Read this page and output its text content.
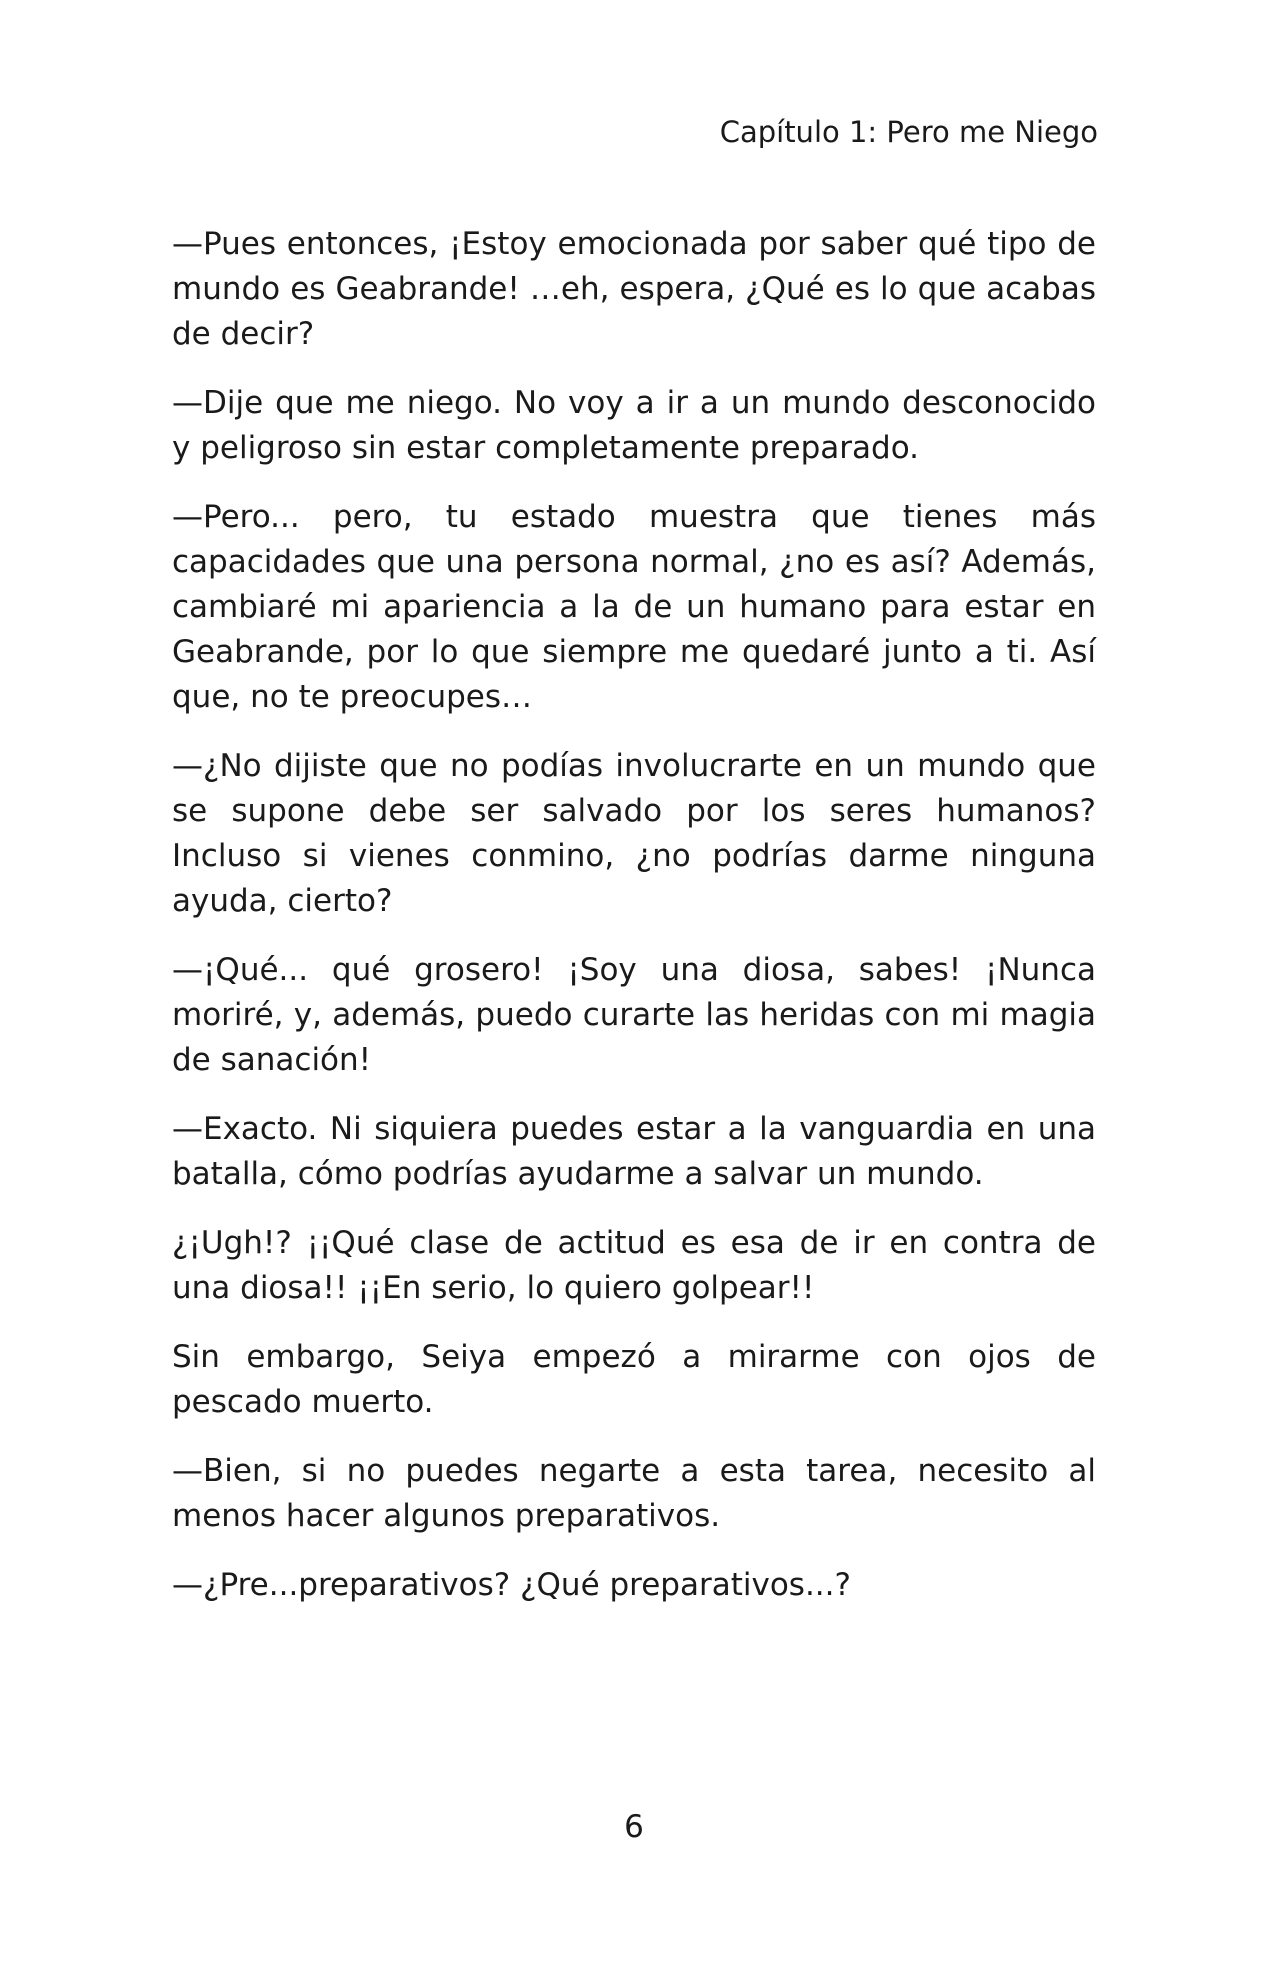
Capítulo 1: Pero me Niego

—Pues entonces, ¡Estoy emocionada por saber qué tipo de mundo es Geabrande! …eh, espera, ¿Qué es lo que acabas de decir?

—Dije que me niego. No voy a ir a un mundo desconocido y peligroso sin estar completamente preparado.

—Pero... pero, tu estado muestra que tienes más capacidades que una persona normal, ¿no es así? Además, cambiaré mi apariencia a la de un humano para estar en Geabrande, por lo que siempre me quedaré junto a ti. Así que, no te preocupes…

—¿No dijiste que no podías involucrarte en un mundo que se supone debe ser salvado por los seres humanos? Incluso si vienes conmino, ¿no podrías darme ninguna ayuda, cierto?

—¡Qué... qué grosero! ¡Soy una diosa, sabes! ¡Nunca moriré, y, además, puedo curarte las heridas con mi magia de sanación!

—Exacto. Ni siquiera puedes estar a la vanguardia en una batalla, cómo podrías ayudarme a salvar un mundo.

¿¡Ugh!? ¡¡Qué clase de actitud es esa de ir en contra de una diosa!! ¡¡En serio, lo quiero golpear!!

Sin embargo, Seiya empezó a mirarme con ojos de pescado muerto.

—Bien, si no puedes negarte a esta tarea, necesito al menos hacer algunos preparativos.

—¿Pre...preparativos? ¿Qué preparativos...?

6
